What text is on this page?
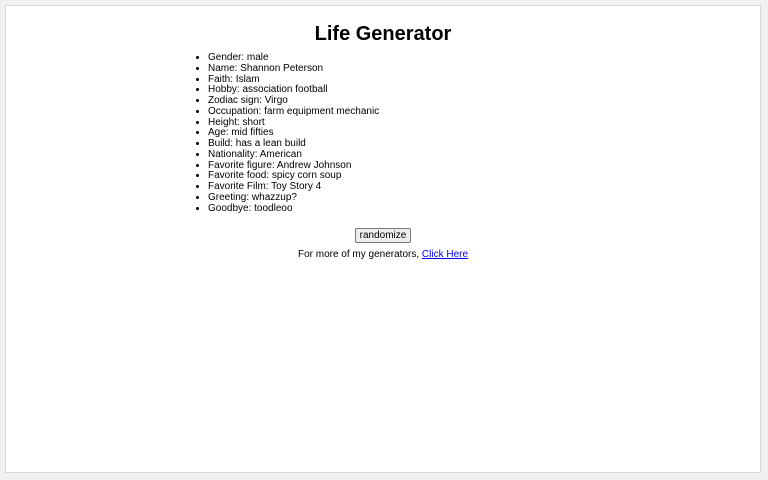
Life Generator
• Gender: male
• Name: Shannon Peterson
• Faith: Islam
• Hobby: association football
• Zodiac sign: Virgo
• Occupation: farm equipment mechanic
• Height: short
• Age: mid fifties
• Build: has a lean build
• Nationality: American
• Favorite figure: Andrew Johnson
• Favorite food: spicy corn soup
• Favorite Film: Toy Story 4
• Greeting: whazzup?
• Goodbye: toodleoo
randomize
For more of my generators, Click Here
